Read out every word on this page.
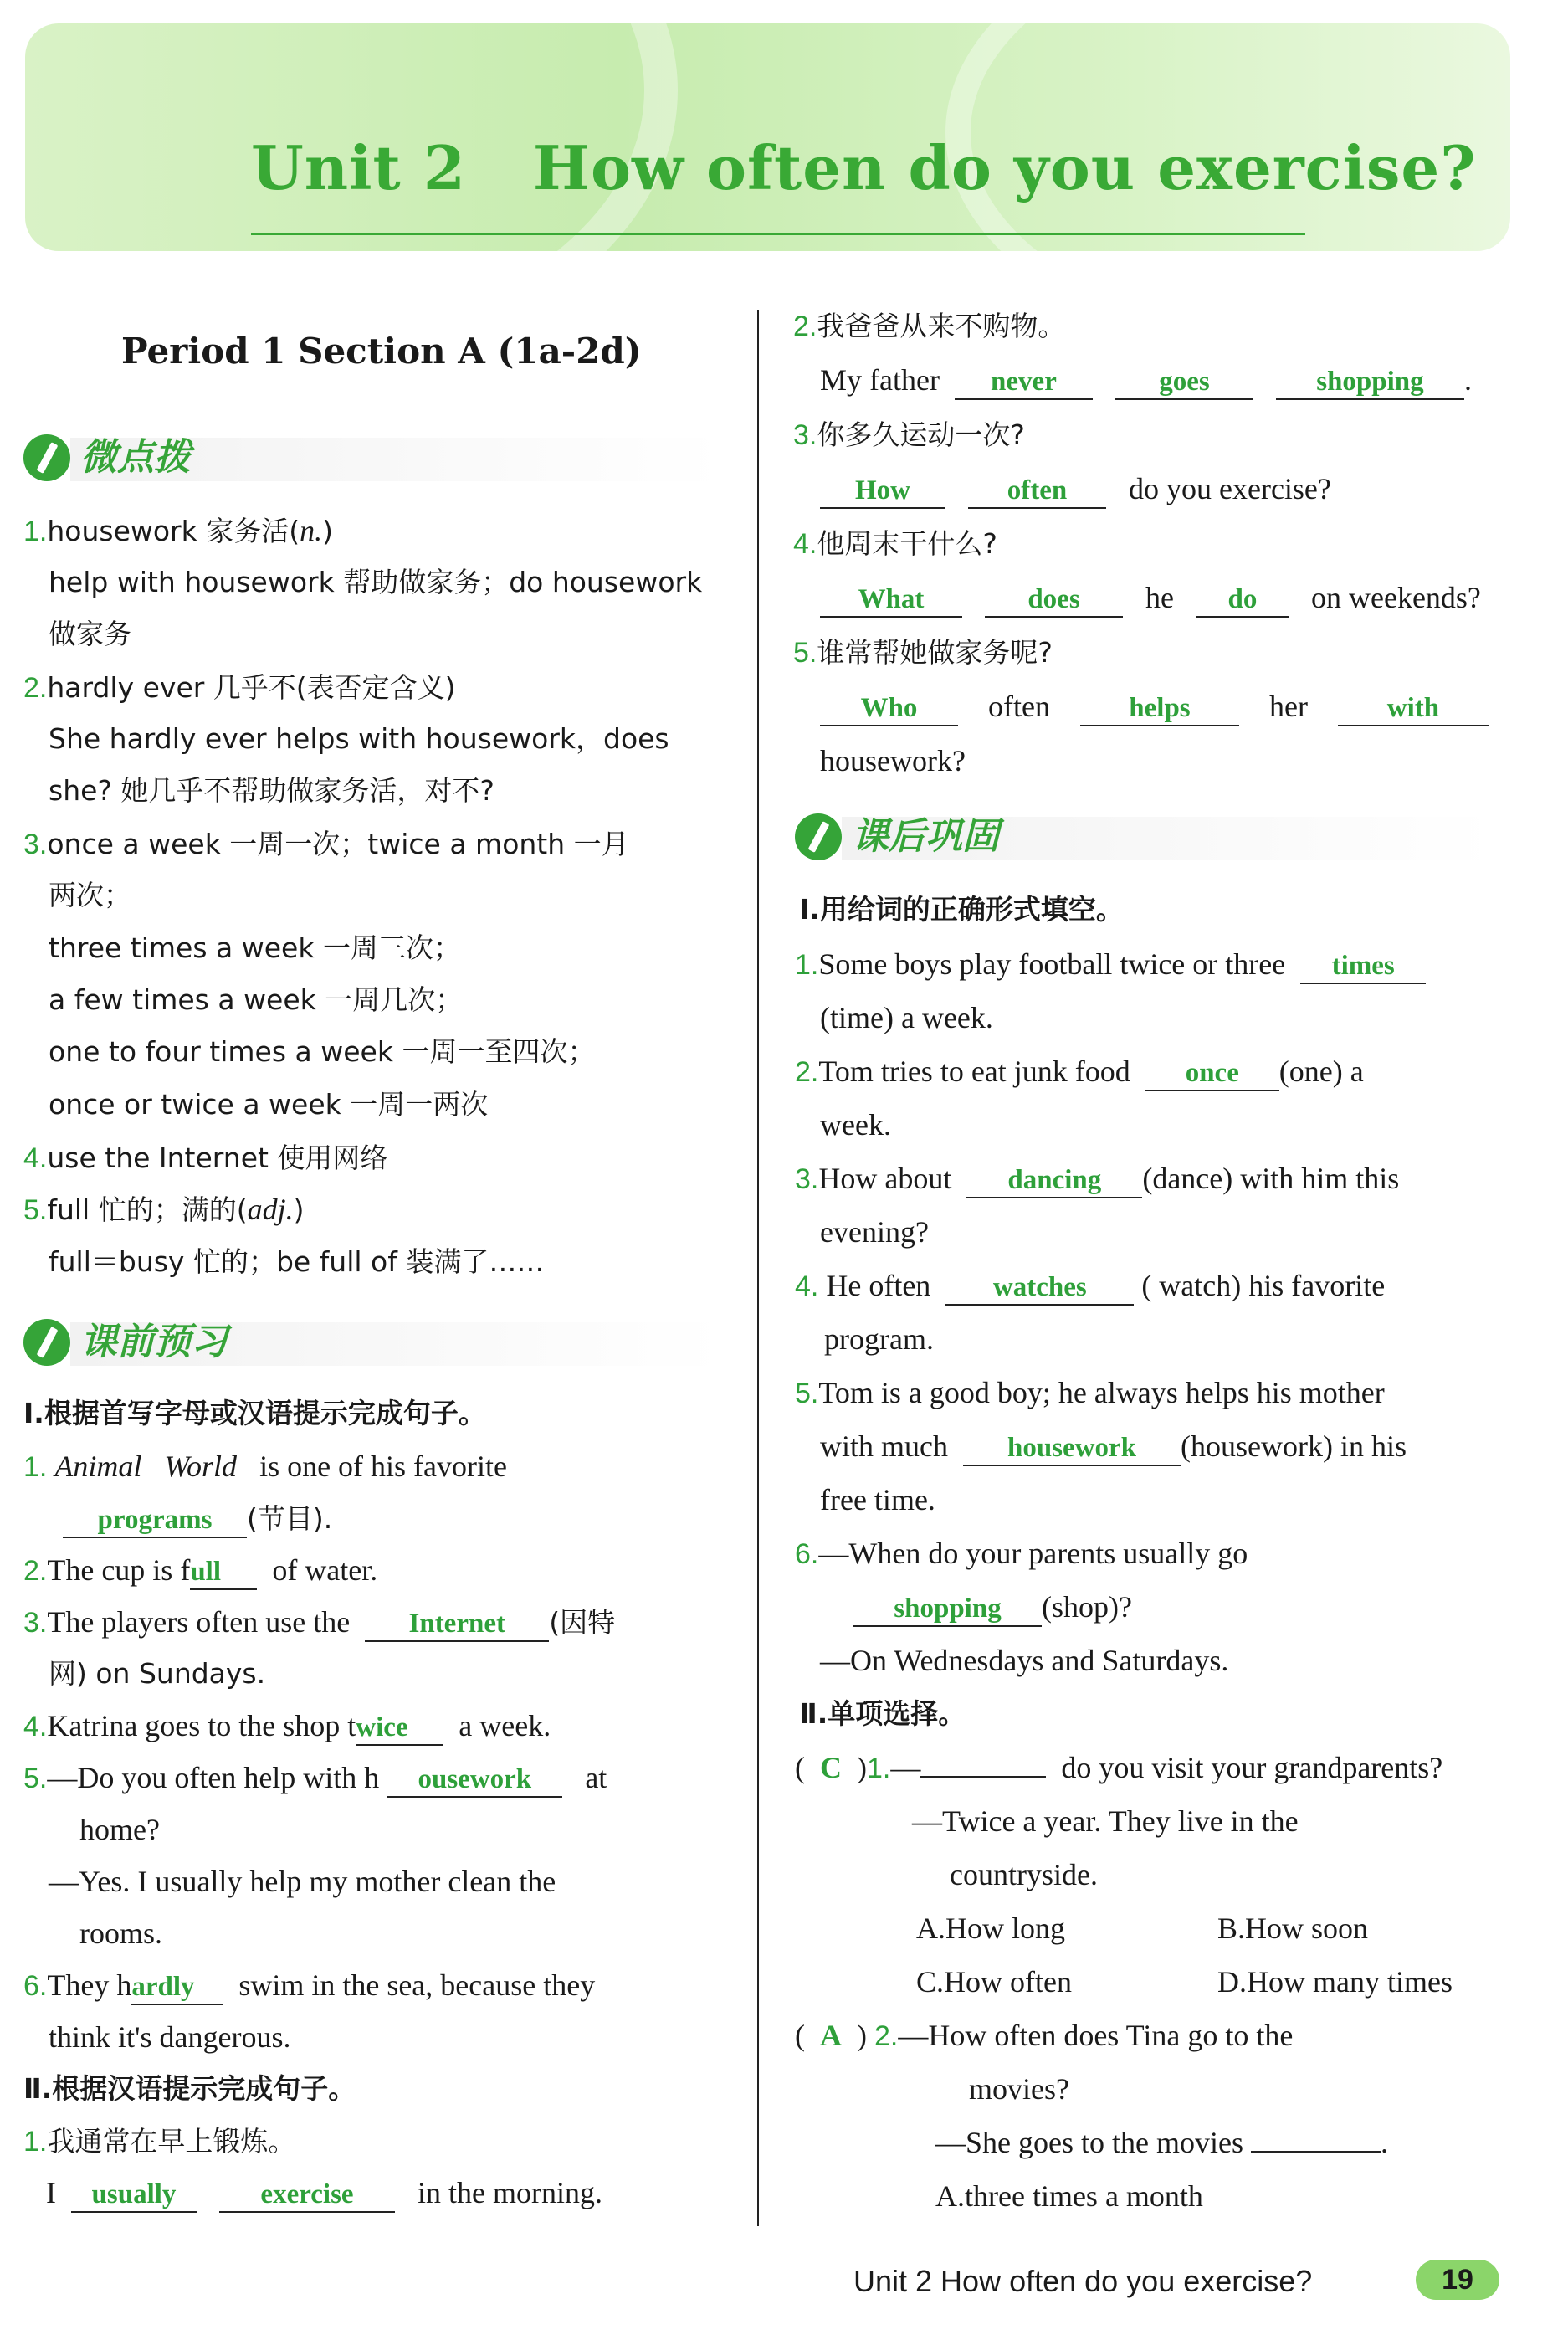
Unit 2 How often do you exercise?
Period 1 Section A (1a-2d)
微点拨
1.housework 家务活(n.)
help with housework 帮助做家务；do housework
做家务
2.hardly ever 几乎不(表否定含义)
She hardly ever helps with housework，does
she? 她几乎不帮助做家务活，对不?
3.once a week 一周一次；twice a month 一月
两次；
three times a week 一周三次；
a few times a week 一周几次；
one to four times a week 一周一至四次；
once or twice a week 一周一两次
4.use the Internet 使用网络
5.full 忙的；满的(adj.)
full＝busy 忙的；be full of 装满了……
课前预习
Ⅰ.根据首写字母或汉语提示完成句子。
1. Animal World is one of his favorite
programs (节目).
2.The cup is full of water.
3.The players often use the Internet (因特
网) on Sundays.
4.Katrina goes to the shop twice a week.
5.—Do you often help with h ousework at
home?
—Yes. I usually help my mother clean the
rooms.
6.They hardly swim in the sea, because they
think it's dangerous.
Ⅱ.根据汉语提示完成句子。
1.我通常在早上锻炼。
I usually	exercise in the morning.
2.我爸爸从来不购物。
My father never	goes	shopping .
3.你多久运动一次?
How	often do you exercise?
4.他周末干什么?
What	does he do on weekends?
5.谁常帮她做家务呢?
Who often	helps	her	with
housework?
课后巩固
Ⅰ.用给词的正确形式填空。
1.Some boys play football twice or three times
(time) a week.
2.Tom tries to eat junk food once (one) a
week.
3.How about dancing (dance) with him this
evening?
4. He often watches ( watch) his favorite
program.
5.Tom is a good boy; he always helps his mother
with much housework (housework) in his
free time.
6.—When do your parents usually go
shopping (shop)?
—On Wednesdays and Saturdays.
Ⅱ.单项选择。
(  C  )1.—	do you visit your grandparents?
—Twice a year. They live in the
countryside.
A.How long	B.How soon
C.How often	D.How many times
(  A  ) 2.—How often does Tina go to the
movies?
—She goes to the movies	.
A.three times a month
Unit 2 How often do you exercise?	19
